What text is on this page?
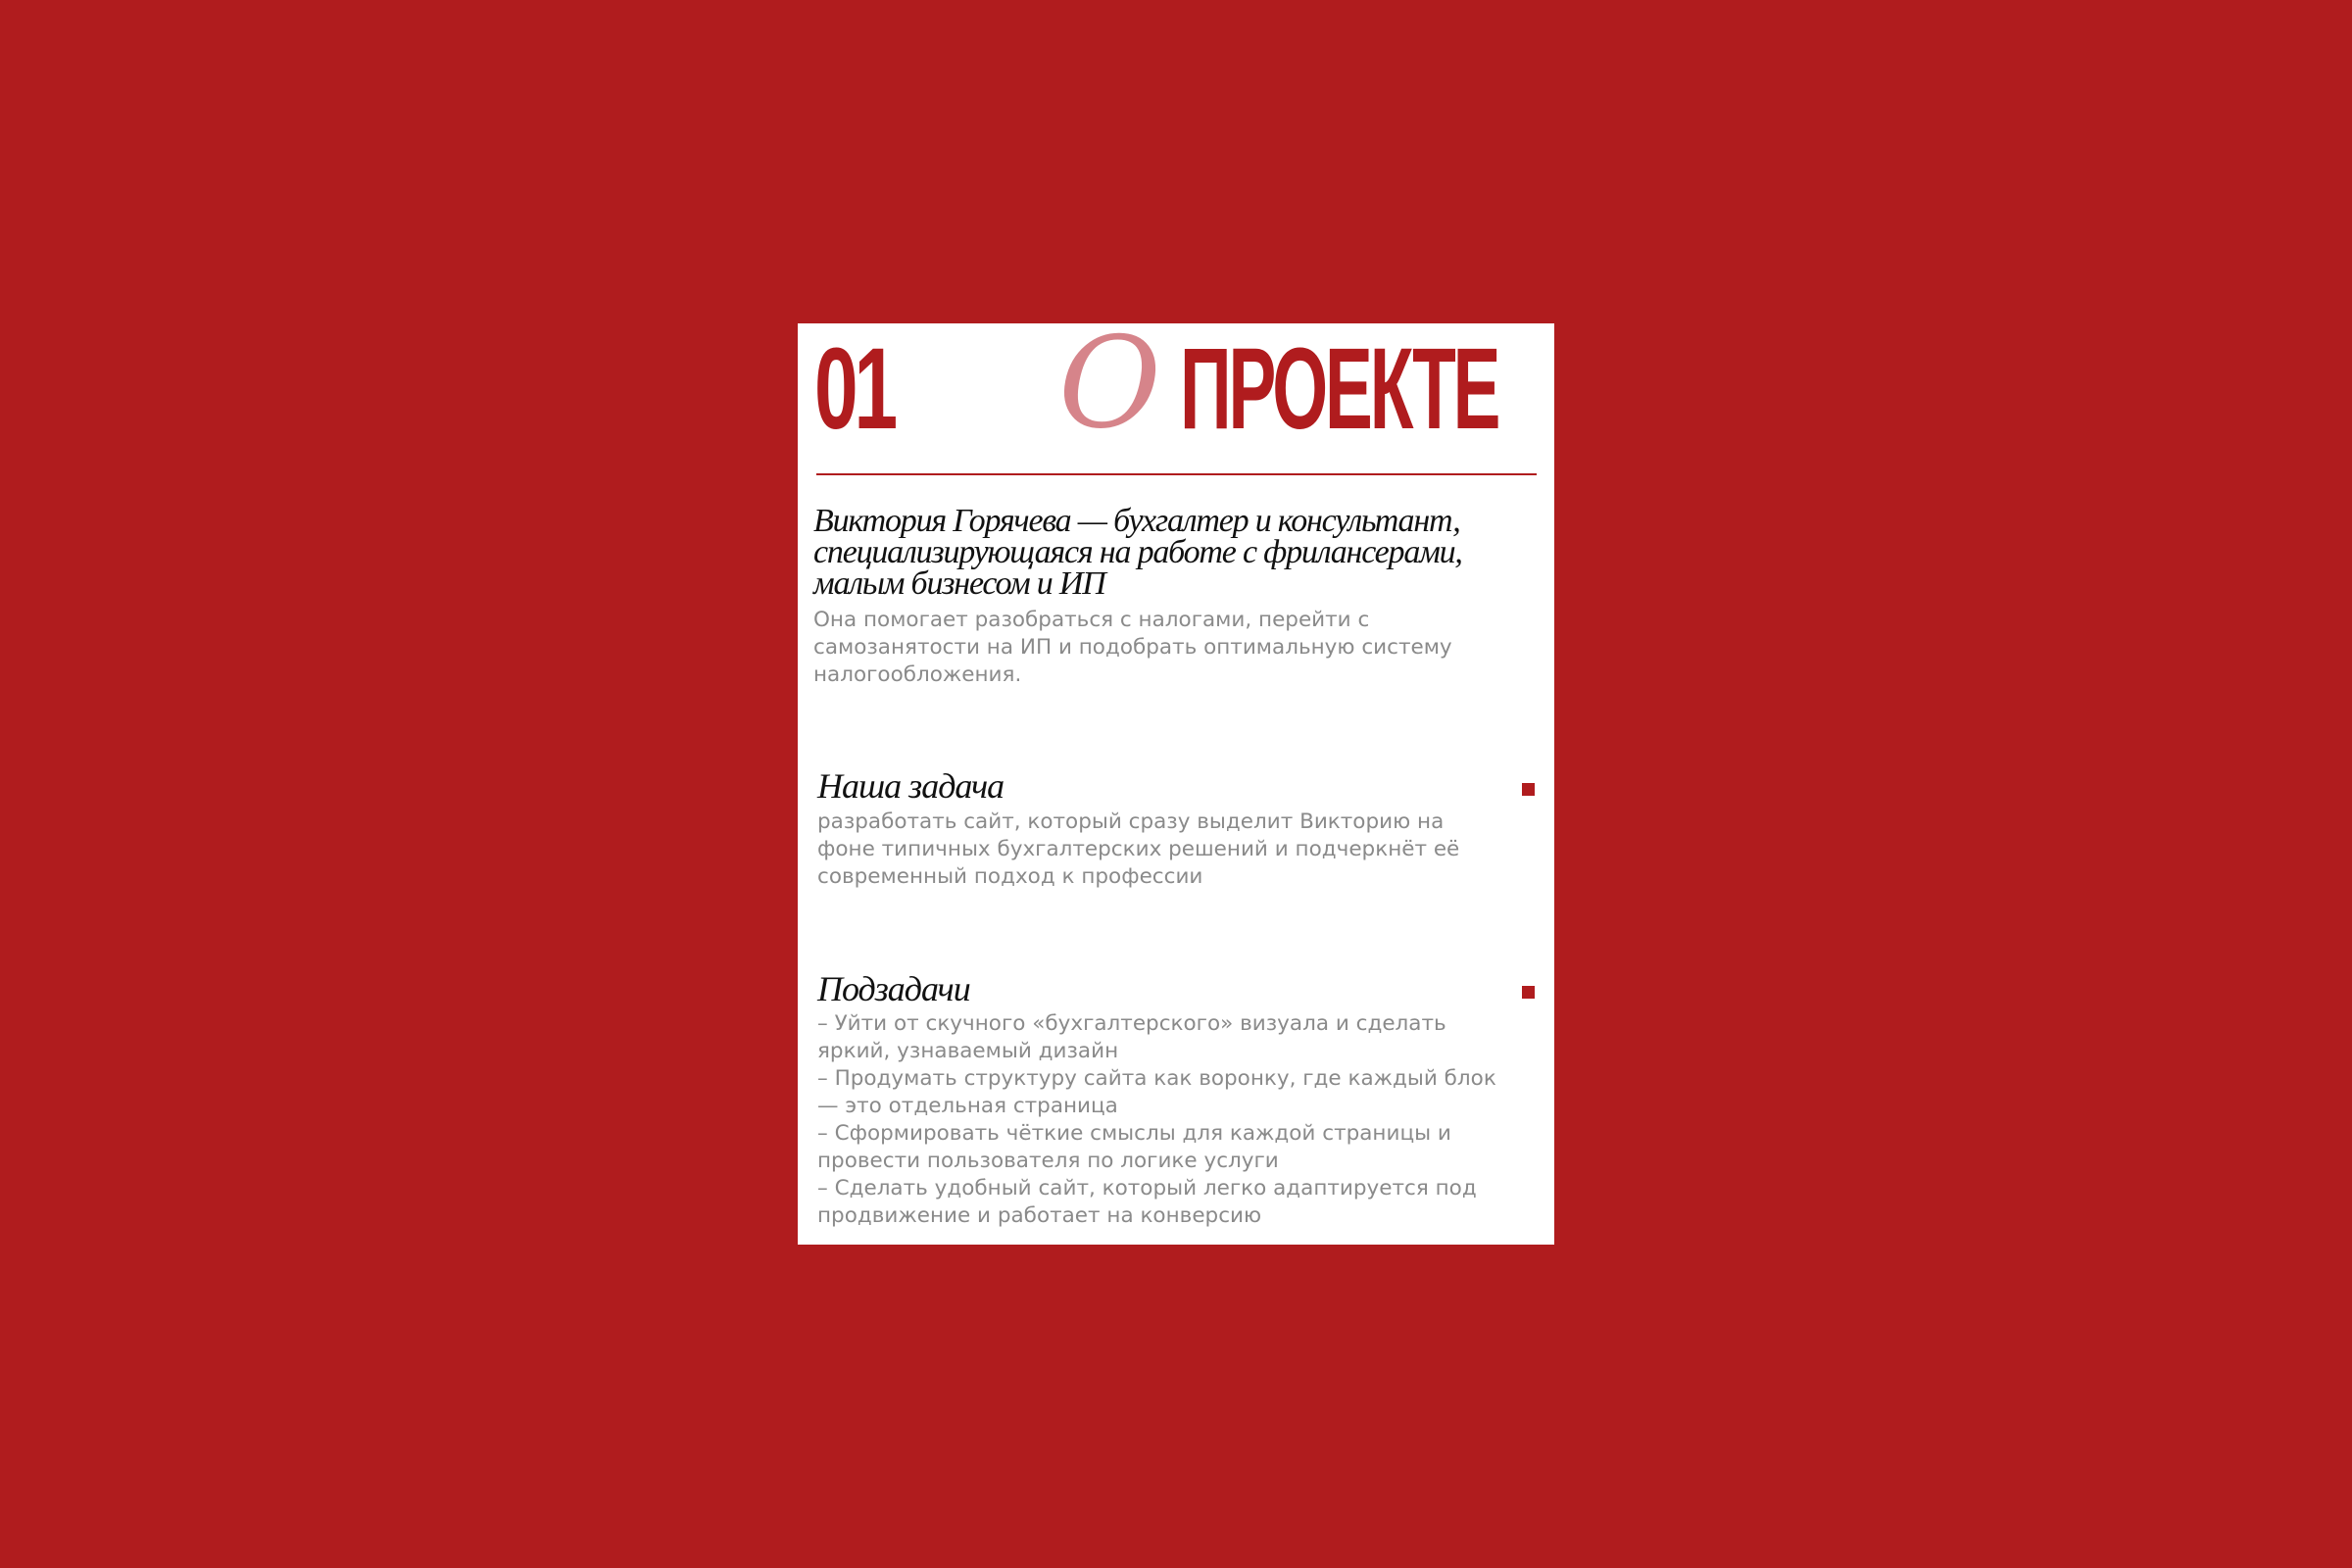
01 О ПРОЕКТЕ
Виктория Горячева — бухгалтер и консультант, специализирующаяся на работе с фрилансерами, малым бизнесом и ИП
Она помогает разобраться с налогами, перейти с самозанятости на ИП и подобрать оптимальную систему налогообложения.
Наша задача
разработать сайт, который сразу выделит Викторию на фоне типичных бухгалтерских решений и подчеркнёт её современный подход к профессии
Подзадачи

– Уйти от скучного «бухгалтерского» визуала и сделать яркий, узнаваемый дизайн

– Продумать структуру сайта как воронку, где каждый блок — это отдельная страница

– Сформировать чёткие смыслы для каждой страницы и провести пользователя по логике услуги

– Сделать удобный сайт, который легко адаптируется под продвижение и работает на конверсию
